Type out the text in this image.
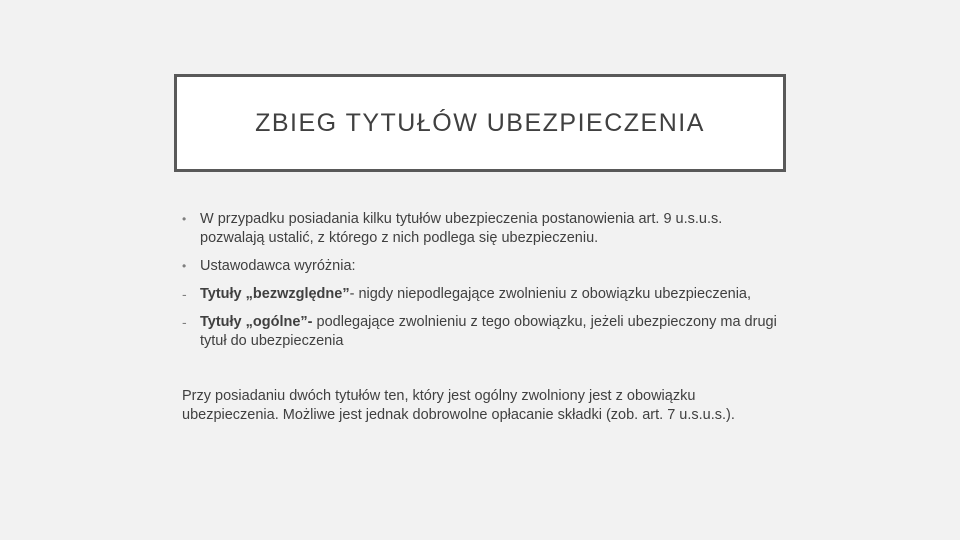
ZBIEG TYTUŁÓW UBEZPIECZENIA
• W przypadku posiadania kilku tytułów ubezpieczenia postanowienia art. 9 u.s.u.s. pozwalają ustalić, z którego z nich podlega się ubezpieczeniu.
• Ustawodawca wyróżnia:
- Tytuły „bezwzględne”- nigdy niepodlegające zwolnieniu z obowiązku ubezpieczenia,
- Tytuły „ogólne”- podlegające zwolnieniu z tego obowiązku, jeżeli ubezpieczony ma drugi tytuł do ubezpieczenia

Przy posiadaniu dwóch tytułów ten, który jest ogólny zwolniony jest z obowiązku ubezpieczenia. Możliwe jest jednak dobrowolne opłacanie składki (zob. art. 7 u.s.u.s.).
